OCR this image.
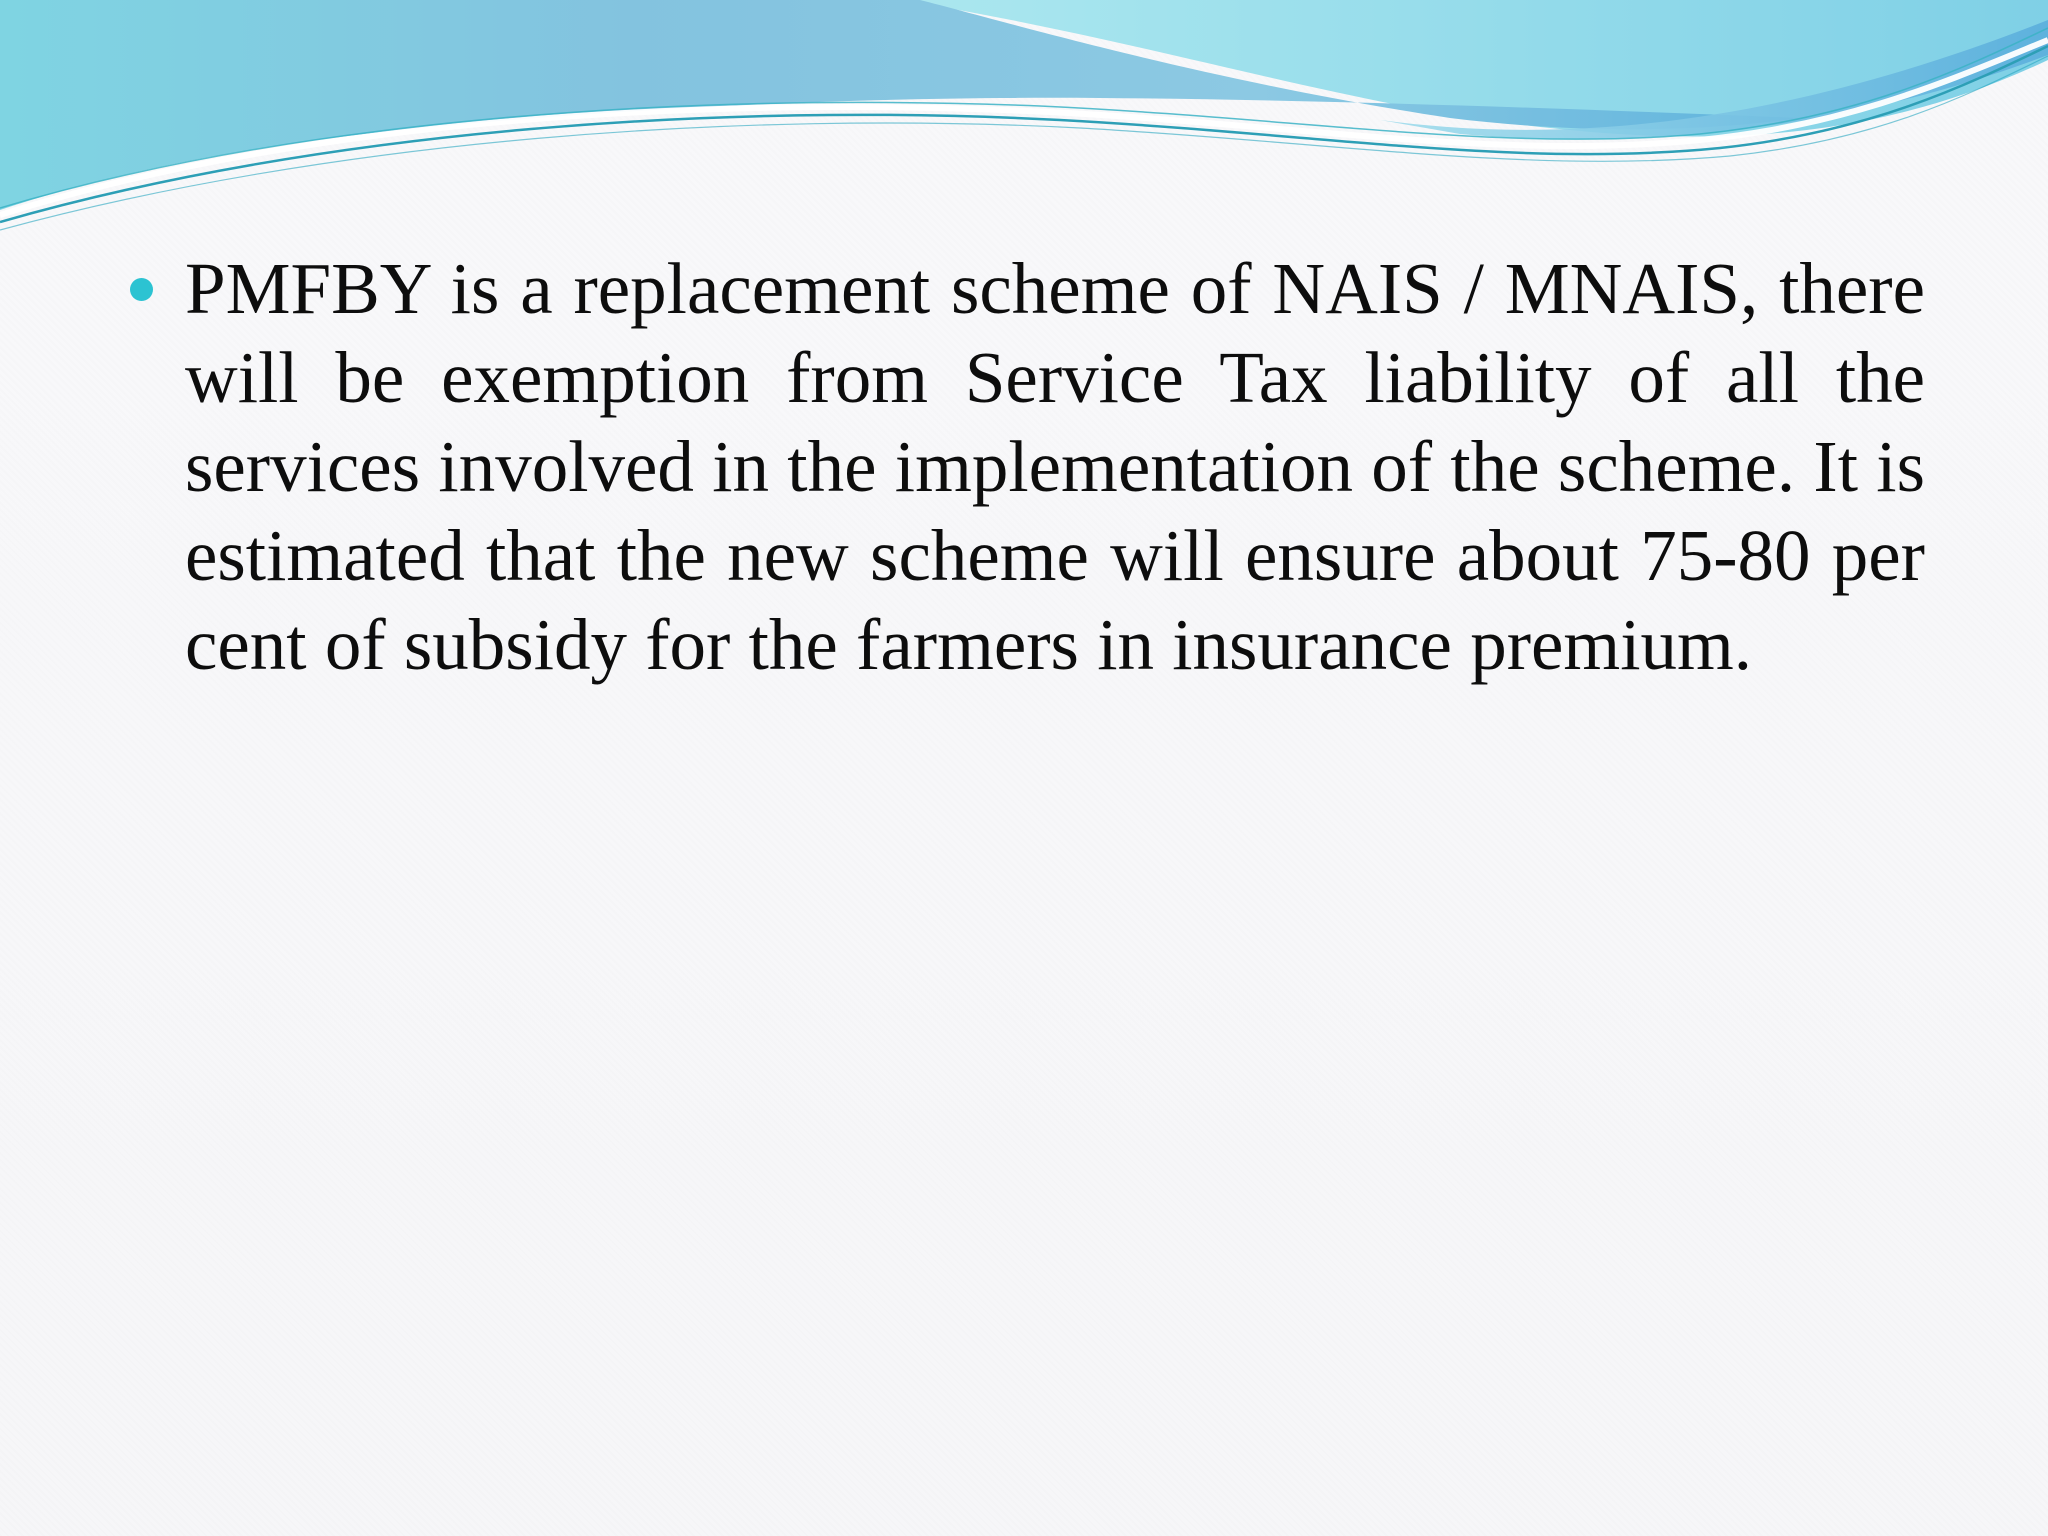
PMFBY is a replacement scheme of NAIS / MNAIS, there will be exemption from Service Tax liability of all the services involved in the implementation of the scheme. It is estimated that the new scheme will ensure about 75-80 per cent of subsidy for the farmers in insurance premium.
